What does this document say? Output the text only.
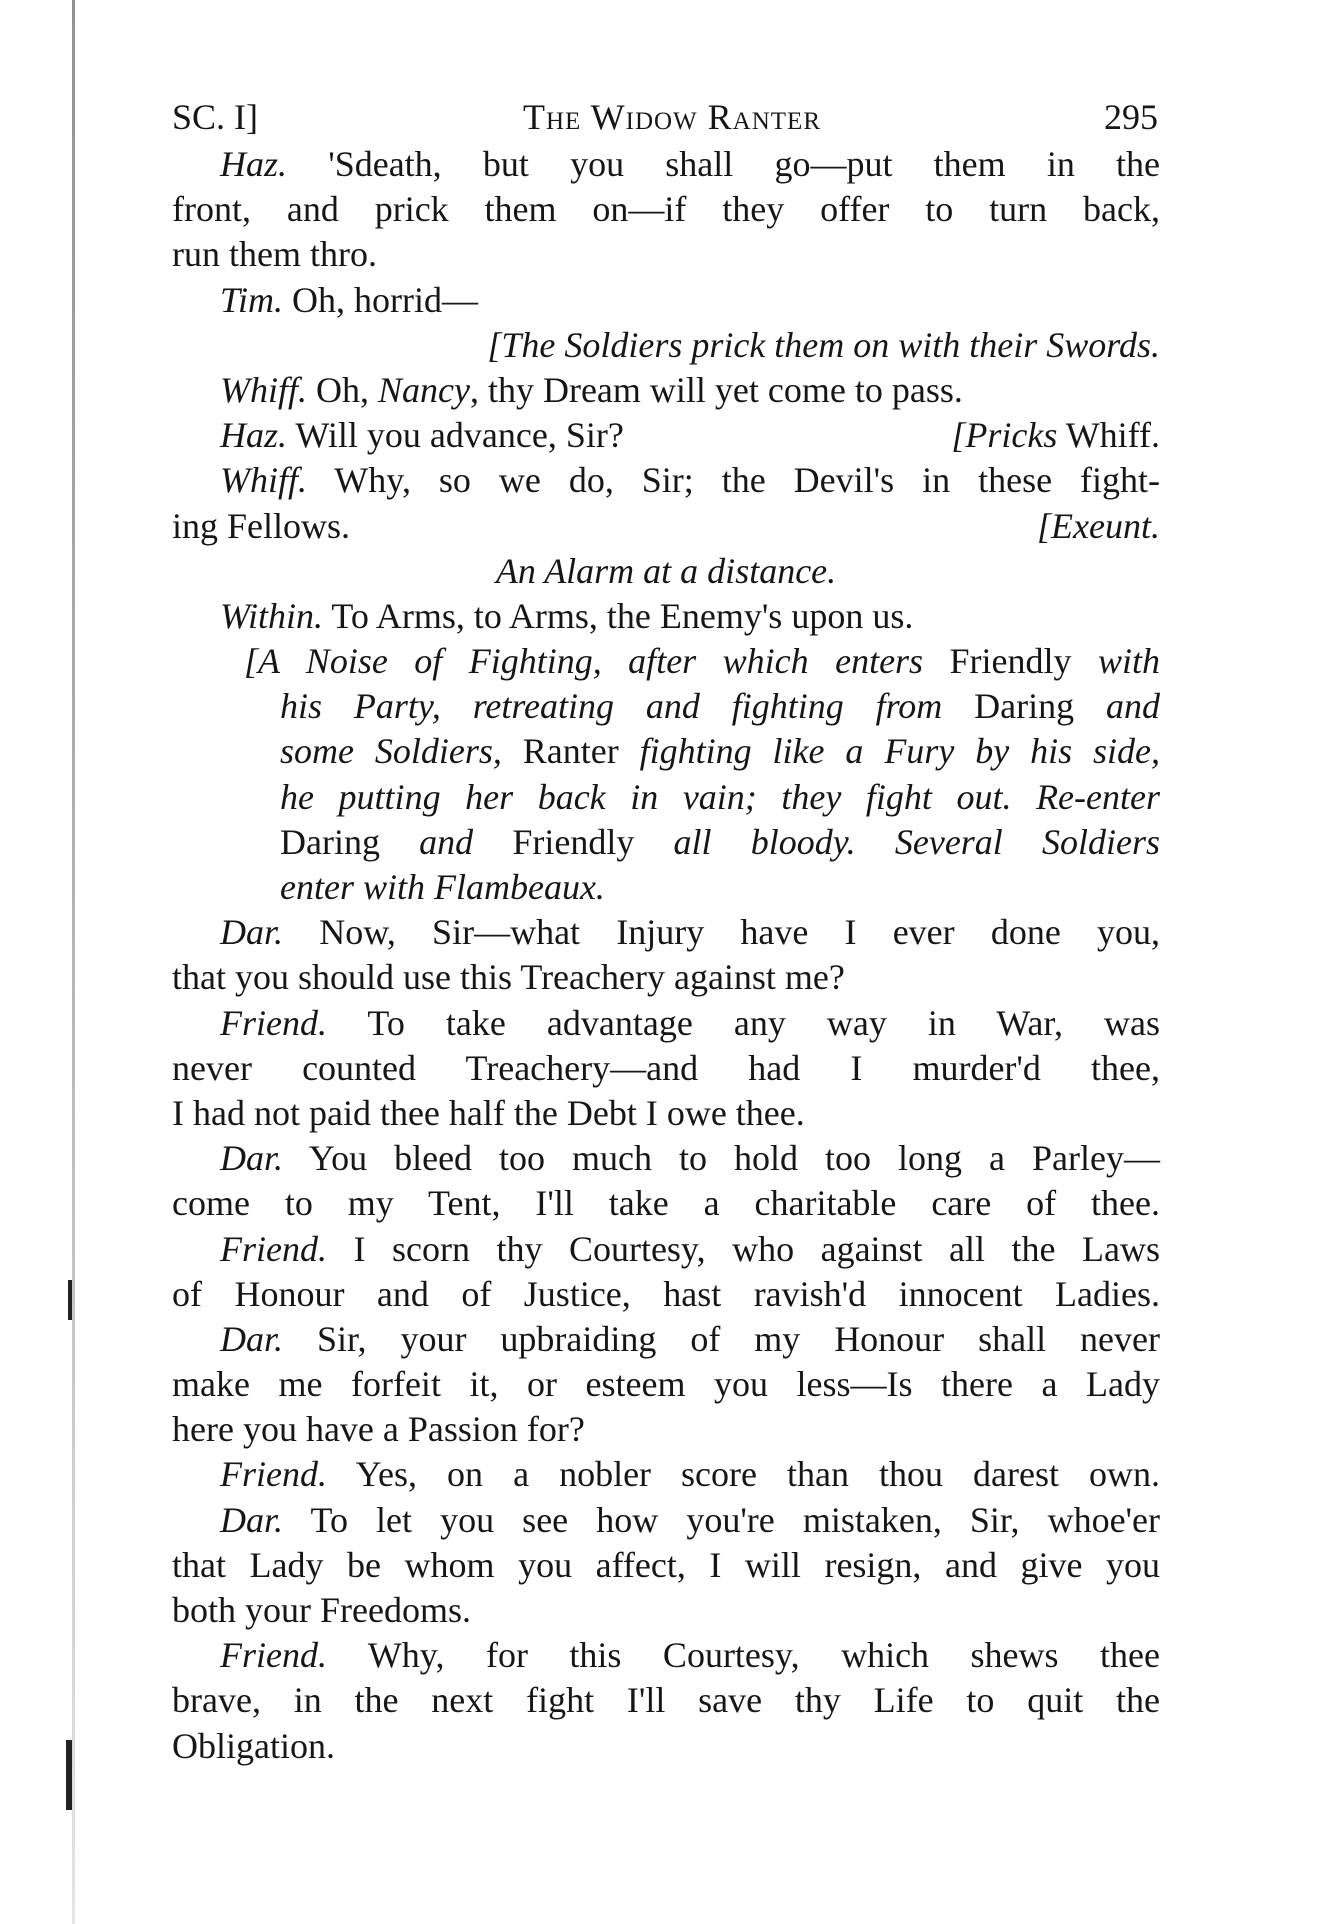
SC. I]	The Widow Ranter	295
Haz. 'Sdeath, but you shall go—put them in the
front, and prick them on—if they offer to turn back,
run them thro.
Tim. Oh, horrid—
[The Soldiers prick them on with their Swords.
Whiff. Oh, Nancy, thy Dream will yet come to pass.
Haz. Will you advance, Sir?	[Pricks Whiff.
Whiff. Why, so we do, Sir; the Devil's in these fight-
ing Fellows.	[Exeunt.
An Alarm at a distance.
Within. To Arms, to Arms, the Enemy's upon us.
[A Noise of Fighting, after which enters Friendly with
his Party, retreating and fighting from Daring and
some Soldiers, Ranter fighting like a Fury by his side,
he putting her back in vain; they fight out. Re-enter
Daring and Friendly all bloody. Several Soldiers
enter with Flambeaux.
Dar. Now, Sir—what Injury have I ever done you,
that you should use this Treachery against me?
Friend. To take advantage any way in War, was
never counted Treachery—and had I murder'd thee,
I had not paid thee half the Debt I owe thee.
Dar. You bleed too much to hold too long a Parley—
come to my Tent, I'll take a charitable care of thee.
Friend. I scorn thy Courtesy, who against all the Laws
of Honour and of Justice, hast ravish'd innocent Ladies.
Dar. Sir, your upbraiding of my Honour shall never
make me forfeit it, or esteem you less—Is there a Lady
here you have a Passion for?
Friend. Yes, on a nobler score than thou darest own.
Dar. To let you see how you're mistaken, Sir, whoe'er
that Lady be whom you affect, I will resign, and give you
both your Freedoms.
Friend. Why, for this Courtesy, which shews thee
brave, in the next fight I'll save thy Life to quit the
Obligation.
